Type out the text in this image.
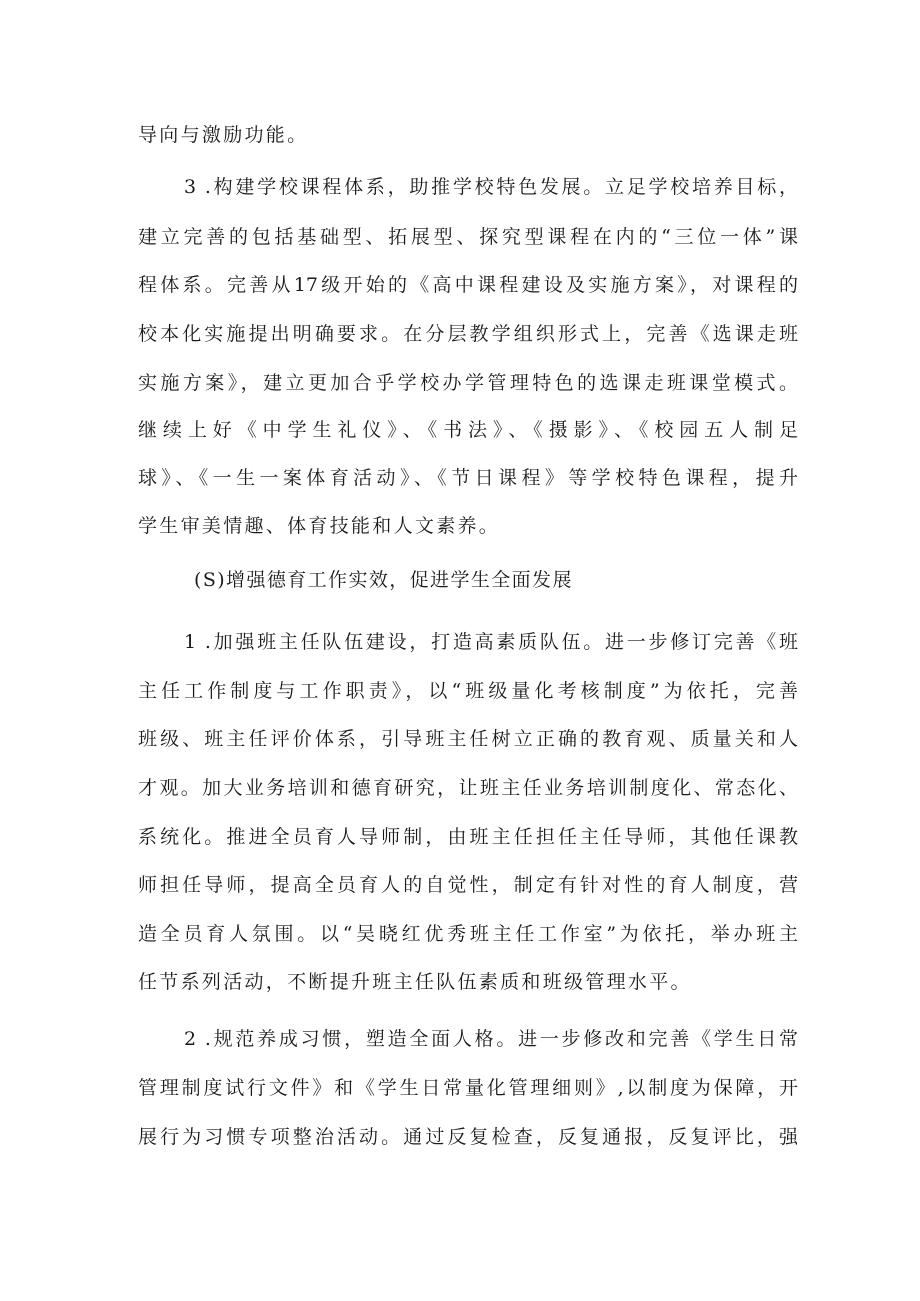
导向与激励功能。
3 .构建学校课程体系，助推学校特色发展。立足学校培养目标，
建立完善的包括基础型、拓展型、探究型课程在内的“三位一体”课
程体系。完善从17级开始的《高中课程建设及实施方案》，对课程的
校本化实施提出明确要求。在分层教学组织形式上，完善《选课走班
实施方案》，建立更加合乎学校办学管理特色的选课走班课堂模式。
继续上好《中学生礼仪》、《书法》、《摄影》、《校园五人制足
球》、《一生一案体育活动》、《节日课程》等学校特色课程，提升
学生审美情趣、体育技能和人文素养。
(S)增强德育工作实效，促进学生全面发展
1 .加强班主任队伍建设，打造高素质队伍。进一步修订完善《班
主任工作制度与工作职责》，以“班级量化考核制度”为依托，完善
班级、班主任评价体系，引导班主任树立正确的教育观、质量关和人
才观。加大业务培训和德育研究，让班主任业务培训制度化、常态化、
系统化。推进全员育人导师制，由班主任担任主任导师，其他任课教
师担任导师，提高全员育人的自觉性，制定有针对性的育人制度，营
造全员育人氛围。以“吴晓红优秀班主任工作室”为依托，举办班主
任节系列活动，不断提升班主任队伍素质和班级管理水平。
2 .规范养成习惯，塑造全面人格。进一步修改和完善《学生日常
管理制度试行文件》和《学生日常量化管理细则》,以制度为保障，开
展行为习惯专项整治活动。通过反复检查，反复通报，反复评比，强
